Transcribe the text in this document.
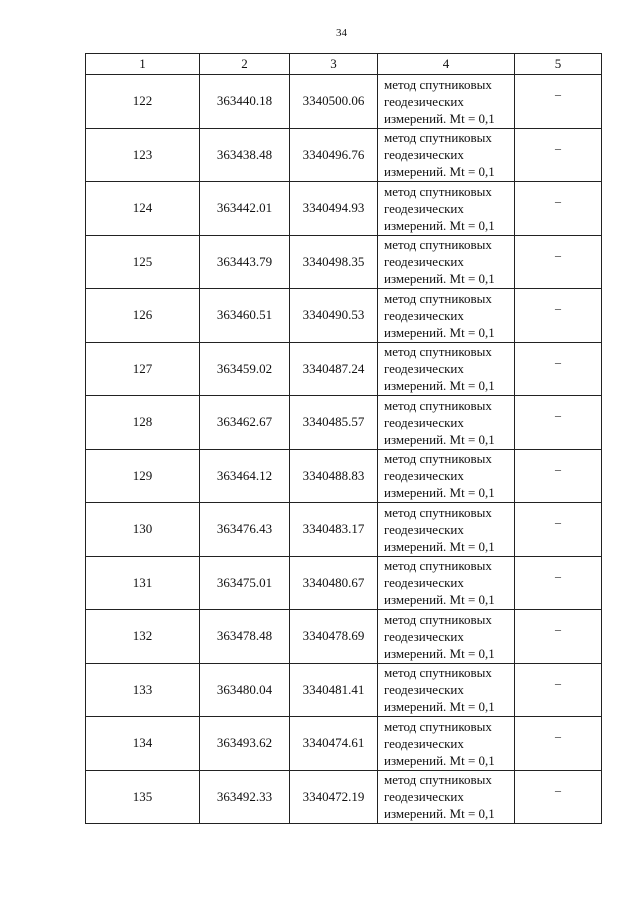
34
1	2	3	4	5
122	363440.18	3340500.06	метод спутниковых
геодезических
измерений. Mt = 0,1	–
123	363438.48	3340496.76	метод спутниковых
геодезических
измерений. Mt = 0,1	–
124	363442.01	3340494.93	метод спутниковых
геодезических
измерений. Mt = 0,1	–
125	363443.79	3340498.35	метод спутниковых
геодезических
измерений. Mt = 0,1	–
126	363460.51	3340490.53	метод спутниковых
геодезических
измерений. Mt = 0,1	–
127	363459.02	3340487.24	метод спутниковых
геодезических
измерений. Mt = 0,1	–
128	363462.67	3340485.57	метод спутниковых
геодезических
измерений. Mt = 0,1	–
129	363464.12	3340488.83	метод спутниковых
геодезических
измерений. Mt = 0,1	–
130	363476.43	3340483.17	метод спутниковых
геодезических
измерений. Mt = 0,1	–
131	363475.01	3340480.67	метод спутниковых
геодезических
измерений. Mt = 0,1	–
132	363478.48	3340478.69	метод спутниковых
геодезических
измерений. Mt = 0,1	–
133	363480.04	3340481.41	метод спутниковых
геодезических
измерений. Mt = 0,1	–
134	363493.62	3340474.61	метод спутниковых
геодезических
измерений. Mt = 0,1	–
135	363492.33	3340472.19	метод спутниковых
геодезических
измерений. Mt = 0,1	–
